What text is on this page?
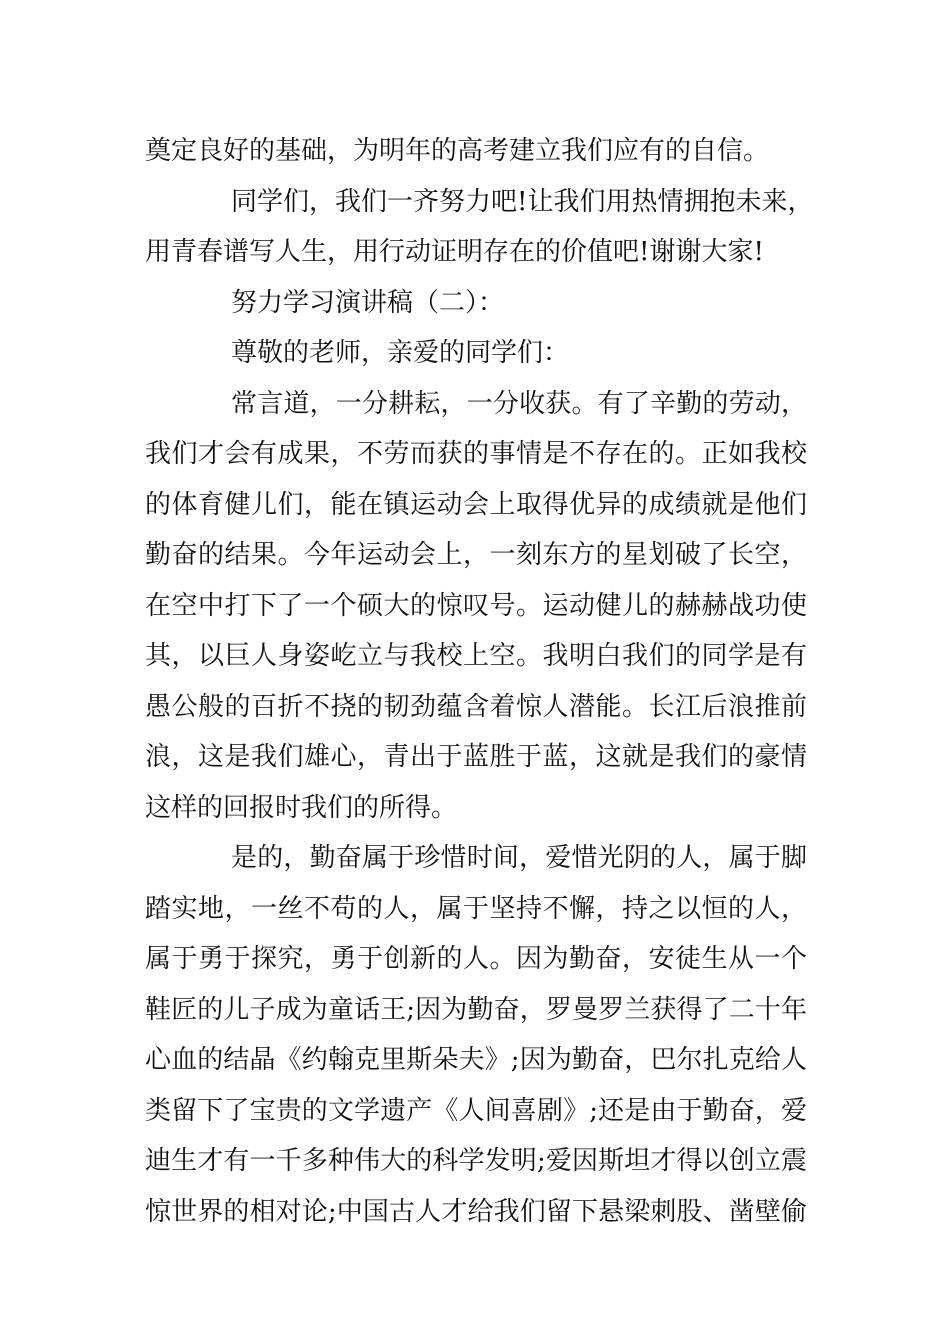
奠定良好的基础，为明年的高考建立我们应有的自信。
同学们，我们一齐努力吧!让我们用热情拥抱未来，
用青春谱写人生，用行动证明存在的价值吧!谢谢大家!
努力学习演讲稿（二）：
尊敬的老师，亲爱的同学们：
常言道，一分耕耘，一分收获。有了辛勤的劳动，
我们才会有成果，不劳而获的事情是不存在的。正如我校
的体育健儿们，能在镇运动会上取得优异的成绩就是他们
勤奋的结果。今年运动会上，一刻东方的星划破了长空，
在空中打下了一个硕大的惊叹号。运动健儿的赫赫战功使
其，以巨人身姿屹立与我校上空。我明白我们的同学是有
愚公般的百折不挠的韧劲蕴含着惊人潜能。长江后浪推前
浪，这是我们雄心，青出于蓝胜于蓝，这就是我们的豪情
这样的回报时我们的所得。
是的，勤奋属于珍惜时间，爱惜光阴的人，属于脚
踏实地，一丝不苟的人，属于坚持不懈，持之以恒的人，
属于勇于探究，勇于创新的人。因为勤奋，安徒生从一个
鞋匠的儿子成为童话王;因为勤奋，罗曼罗兰获得了二十年
心血的结晶《约翰克里斯朵夫》;因为勤奋，巴尔扎克给人
类留下了宝贵的文学遗产《人间喜剧》;还是由于勤奋，爱
迪生才有一千多种伟大的科学发明;爱因斯坦才得以创立震
惊世界的相对论;中国古人才给我们留下悬梁刺股、凿壁偷
